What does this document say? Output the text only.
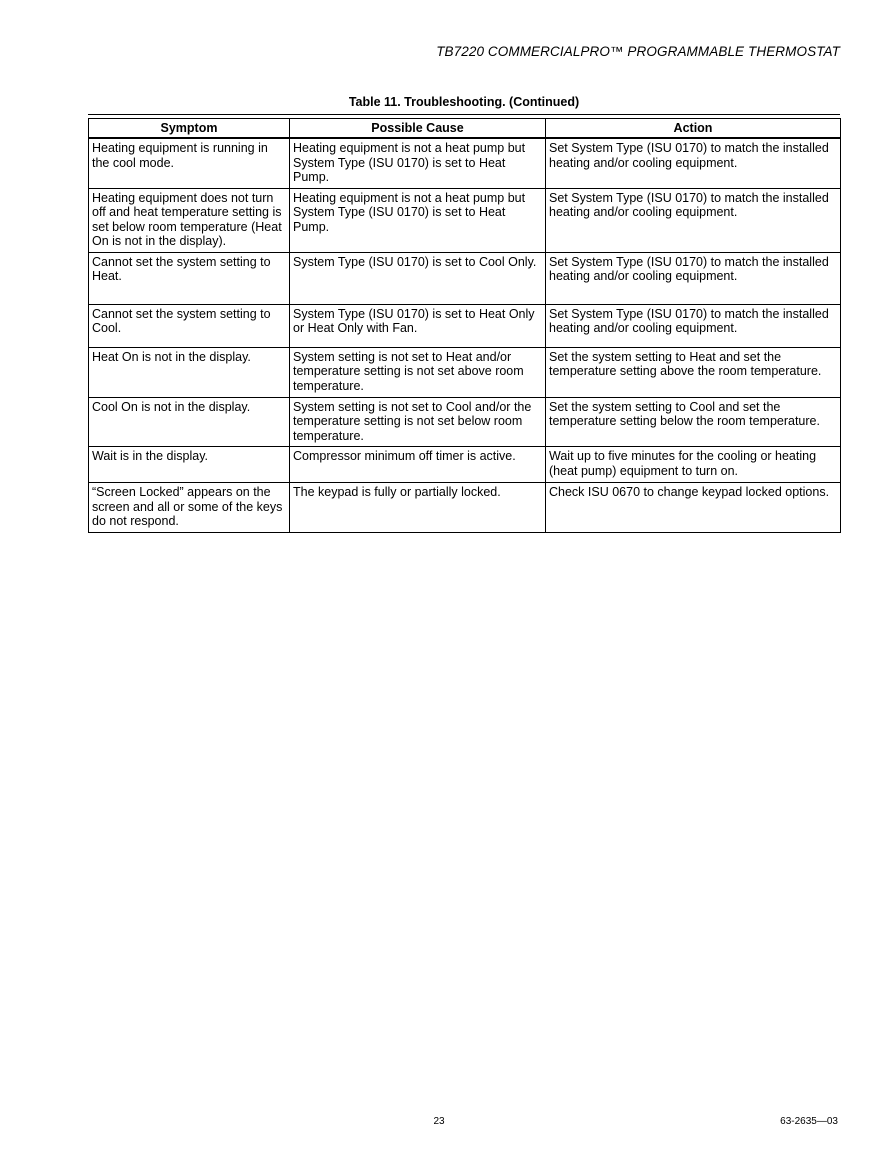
TB7220 COMMERCIALPRO™ PROGRAMMABLE THERMOSTAT
Table 11. Troubleshooting. (Continued)
Symptom	Possible Cause	Action
Heating equipment is running in the cool mode.	Heating equipment is not a heat pump but System Type (ISU 0170) is set to Heat Pump.	Set System Type (ISU 0170) to match the installed heating and/or cooling equipment.
Heating equipment does not turn off and heat temperature setting is set below room temperature (Heat On is not in the display).	Heating equipment is not a heat pump but System Type (ISU 0170) is set to Heat Pump.	Set System Type (ISU 0170) to match the installed heating and/or cooling equipment.
Cannot set the system setting to Heat.	System Type (ISU 0170) is set to Cool Only.	Set System Type (ISU 0170) to match the installed heating and/or cooling equipment.
Cannot set the system setting to Cool.	System Type (ISU 0170) is set to Heat Only or Heat Only with Fan.	Set System Type (ISU 0170) to match the installed heating and/or cooling equipment.
Heat On is not in the display.	System setting is not set to Heat and/or temperature setting is not set above room temperature.	Set the system setting to Heat and set the temperature setting above the room temperature.
Cool On is not in the display.	System setting is not set to Cool and/or the temperature setting is not set below room temperature.	Set the system setting to Cool and set the temperature setting below the room temperature.
Wait is in the display.	Compressor minimum off timer is active.	Wait up to five minutes for the cooling or heating (heat pump) equipment to turn on.
“Screen Locked” appears on the screen and all or some of the keys do not respond.	The keypad is fully or partially locked.	Check ISU 0670 to change keypad locked options.
23	63-2635—03
